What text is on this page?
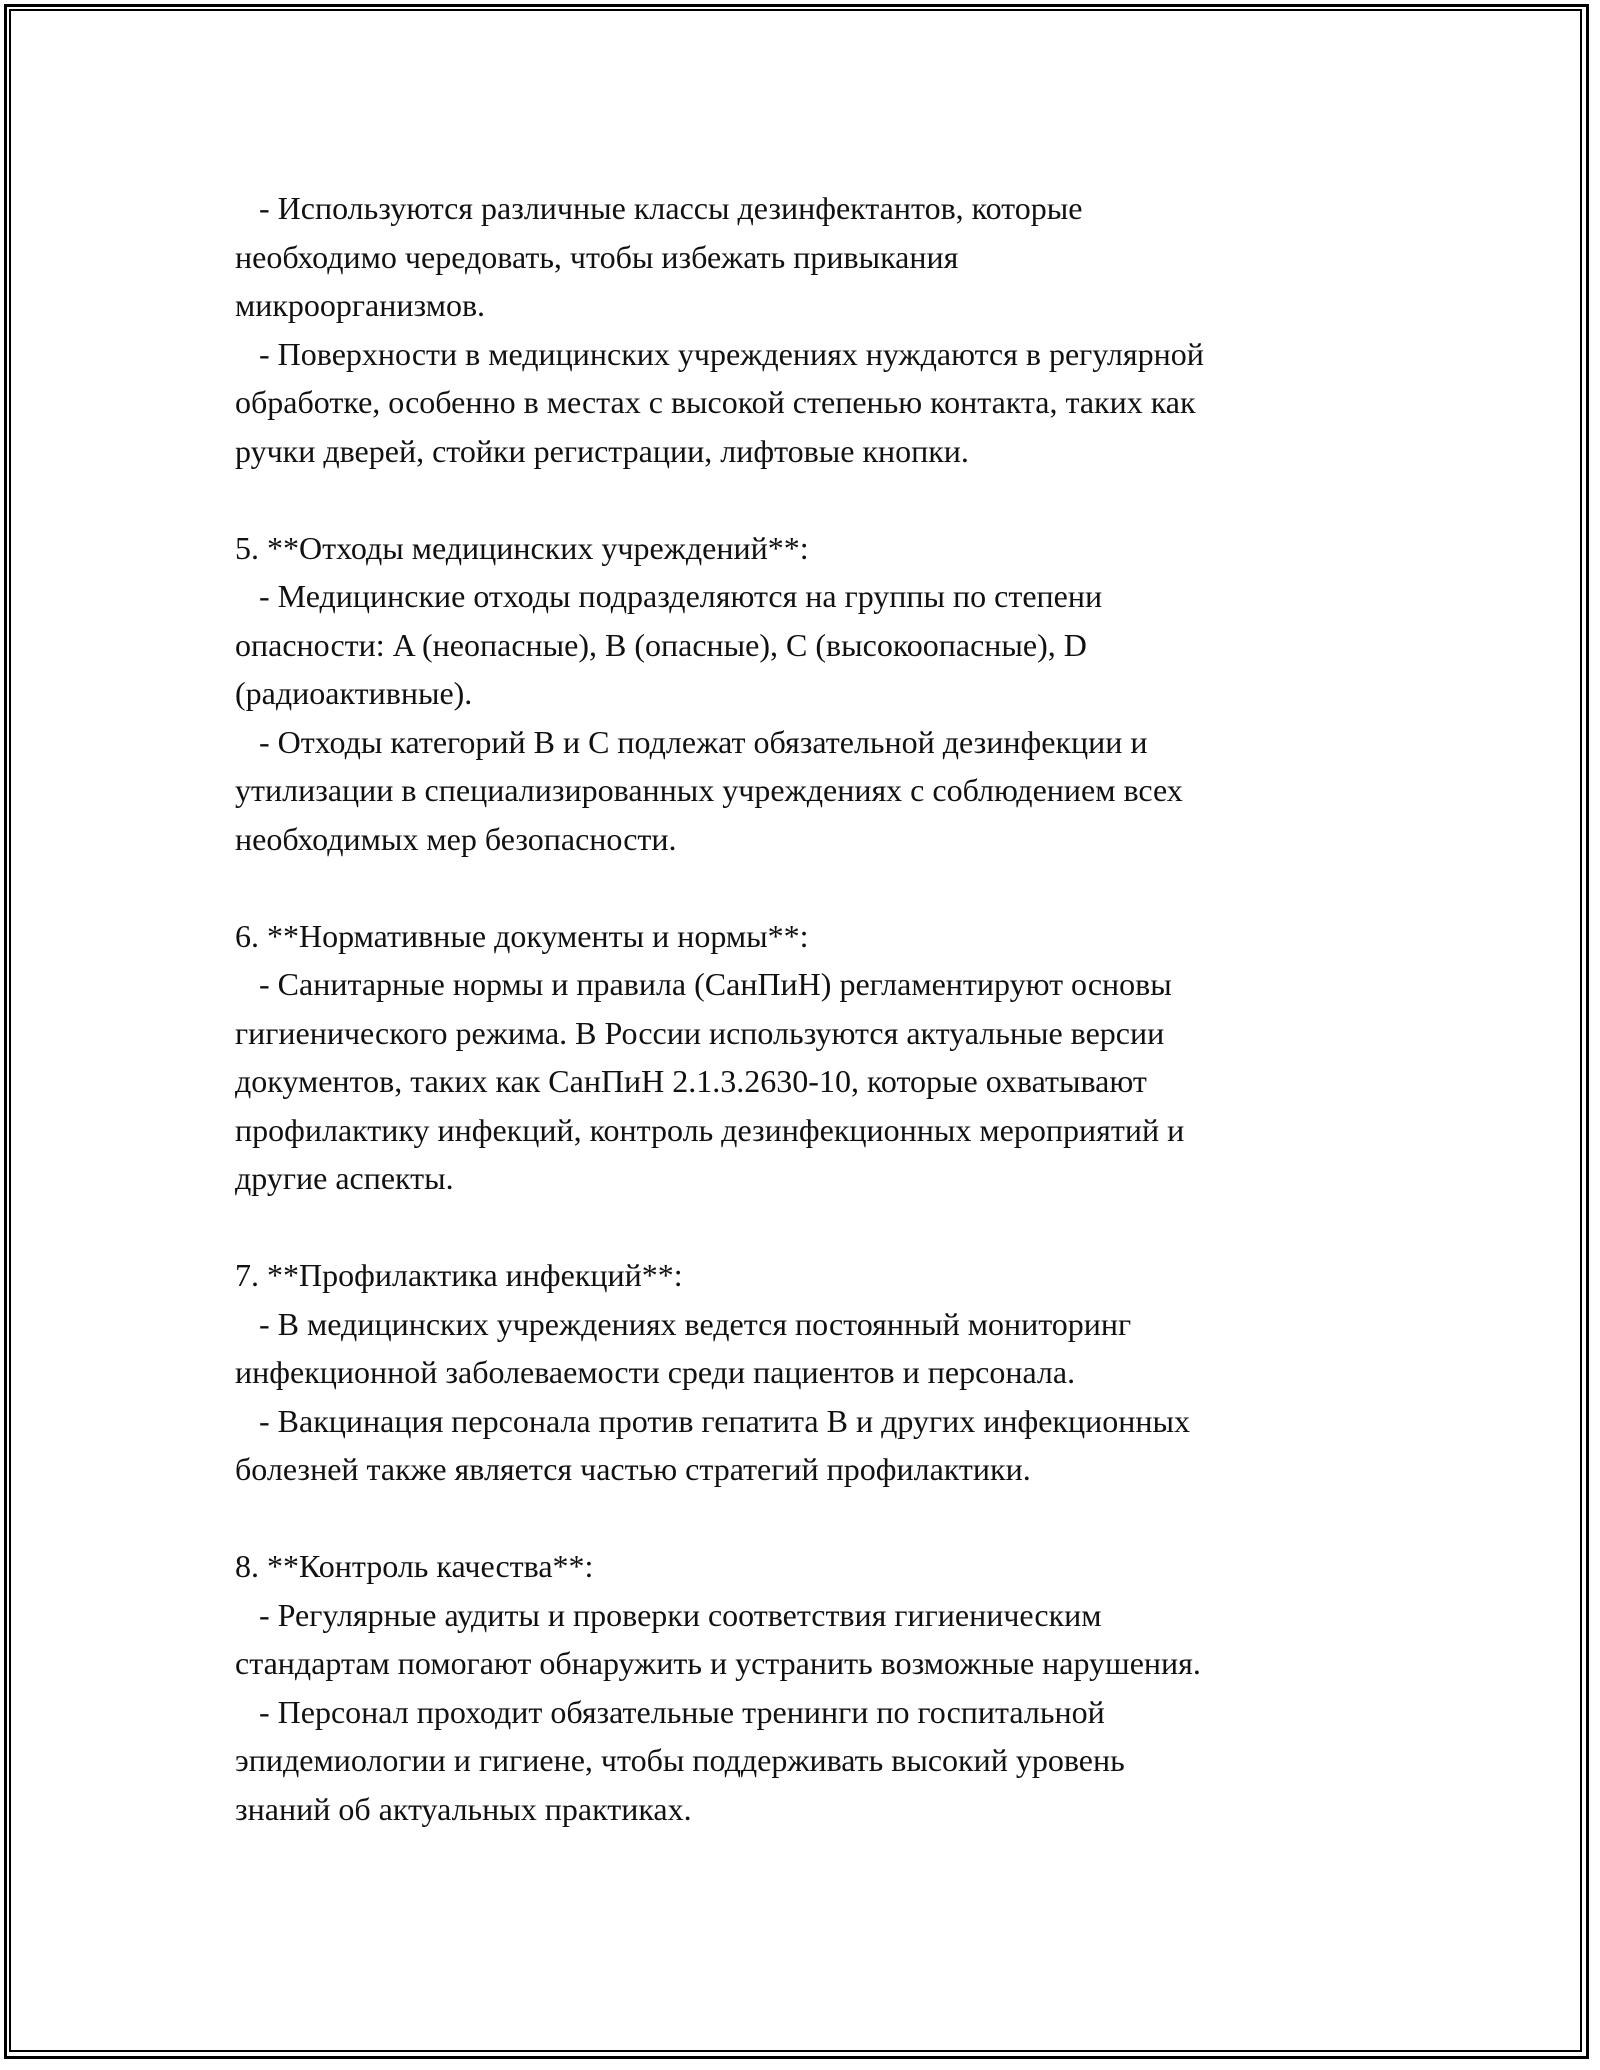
- Используются различные классы дезинфектантов, которые
необходимо чередовать, чтобы избежать привыкания
микроорганизмов.
- Поверхности в медицинских учреждениях нуждаются в регулярной
обработке, особенно в местах с высокой степенью контакта, таких как
ручки дверей, стойки регистрации, лифтовые кнопки.
5. **Отходы медицинских учреждений**:
- Медицинские отходы подразделяются на группы по степени
опасности: A (неопасные), B (опасные), C (высокоопасные), D
(радиоактивные).
- Отходы категорий B и C подлежат обязательной дезинфекции и
утилизации в специализированных учреждениях с соблюдением всех
необходимых мер безопасности.
6. **Нормативные документы и нормы**:
- Санитарные нормы и правила (СанПиН) регламентируют основы
гигиенического режима. В России используются актуальные версии
документов, таких как СанПиН 2.1.3.2630-10, которые охватывают
профилактику инфекций, контроль дезинфекционных мероприятий и
другие аспекты.
7. **Профилактика инфекций**:
- В медицинских учреждениях ведется постоянный мониторинг
инфекционной заболеваемости среди пациентов и персонала.
- Вакцинация персонала против гепатита B и других инфекционных
болезней также является частью стратегий профилактики.
8. **Контроль качества**:
- Регулярные аудиты и проверки соответствия гигиеническим
стандартам помогают обнаружить и устранить возможные нарушения.
- Персонал проходит обязательные тренинги по госпитальной
эпидемиологии и гигиене, чтобы поддерживать высокий уровень
знаний об актуальных практиках.
